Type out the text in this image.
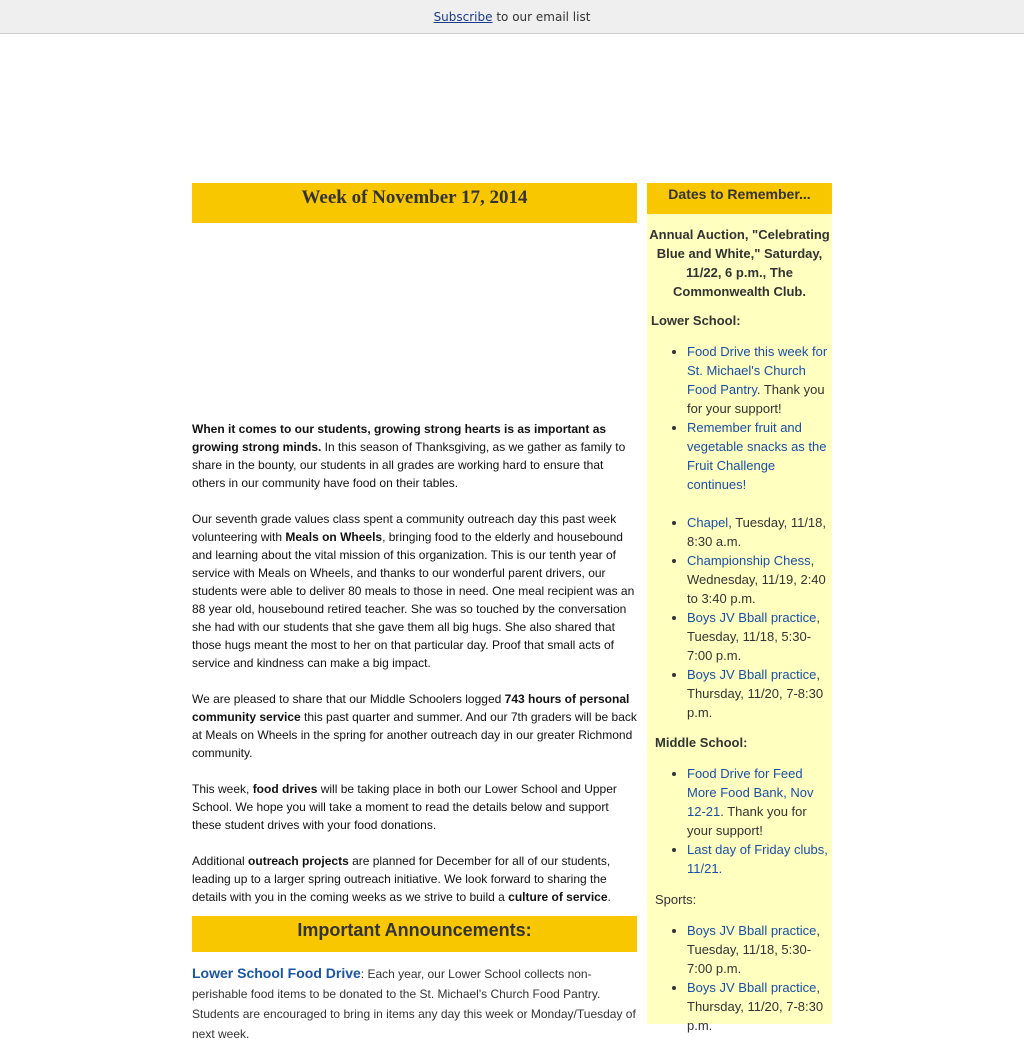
Subscribe to our email list
Week of November 17, 2014

When it comes to our students, growing strong hearts is as important as growing strong minds. In this season of Thanksgiving, as we gather as family to share in the bounty, our students in all grades are working hard to ensure that others in our community have food on their tables.

Our seventh grade values class spent a community outreach day this past week volunteering with Meals on Wheels, bringing food to the elderly and housebound and learning about the vital mission of this organization. This is our tenth year of service with Meals on Wheels, and thanks to our wonderful parent drivers, our students were able to deliver 80 meals to those in need. One meal recipient was an 88 year old, housebound retired teacher. She was so touched by the conversation she had with our students that she gave them all big hugs. She also shared that those hugs meant the most to her on that particular day. Proof that small acts of service and kindness can make a big impact.

We are pleased to share that our Middle Schoolers logged 743 hours of personal community service this past quarter and summer. And our 7th graders will be back at Meals on Wheels in the spring for another outreach day in our greater Richmond community.

This week, food drives will be taking place in both our Lower School and Upper School. We hope you will take a moment to read the details below and support these student drives with your food donations.

Additional outreach projects are planned for December for all of our students, leading up to a larger spring outreach initiative. We look forward to sharing the details with you in the coming weeks as we strive to build a culture of service.

Important Announcements:
Lower School Food Drive: Each year, our Lower School collects non-perishable food items to be donated to the St. Michael's Church Food Pantry. Students are encouraged to bring in items any day this week or Monday/Tuesday of next week.
Dates to Remember...
Annual Auction, "Celebrating Blue and White," Saturday, 11/22, 6 p.m., The Commonwealth Club.
Lower School:
• Food Drive this week for St. Michael's Church Food Pantry. Thank you for your support!
• Remember fruit and vegetable snacks as the Fruit Challenge continues!
• Chapel, Tuesday, 11/18, 8:30 a.m.
• Championship Chess, Wednesday, 11/19, 2:40 to 3:40 p.m.
• Boys JV Bball practice, Tuesday, 11/18, 5:30-7:00 p.m.
• Boys JV Bball practice, Thursday, 11/20, 7-8:30 p.m.
Middle School:
• Food Drive for Feed More Food Bank, Nov 12-21. Thank you for your support!
• Last day of Friday clubs, 11/21.
Sports:
• Boys JV Bball practice, Tuesday, 11/18, 5:30-7:00 p.m.
• Boys JV Bball practice, Thursday, 11/20, 7-8:30 p.m.
